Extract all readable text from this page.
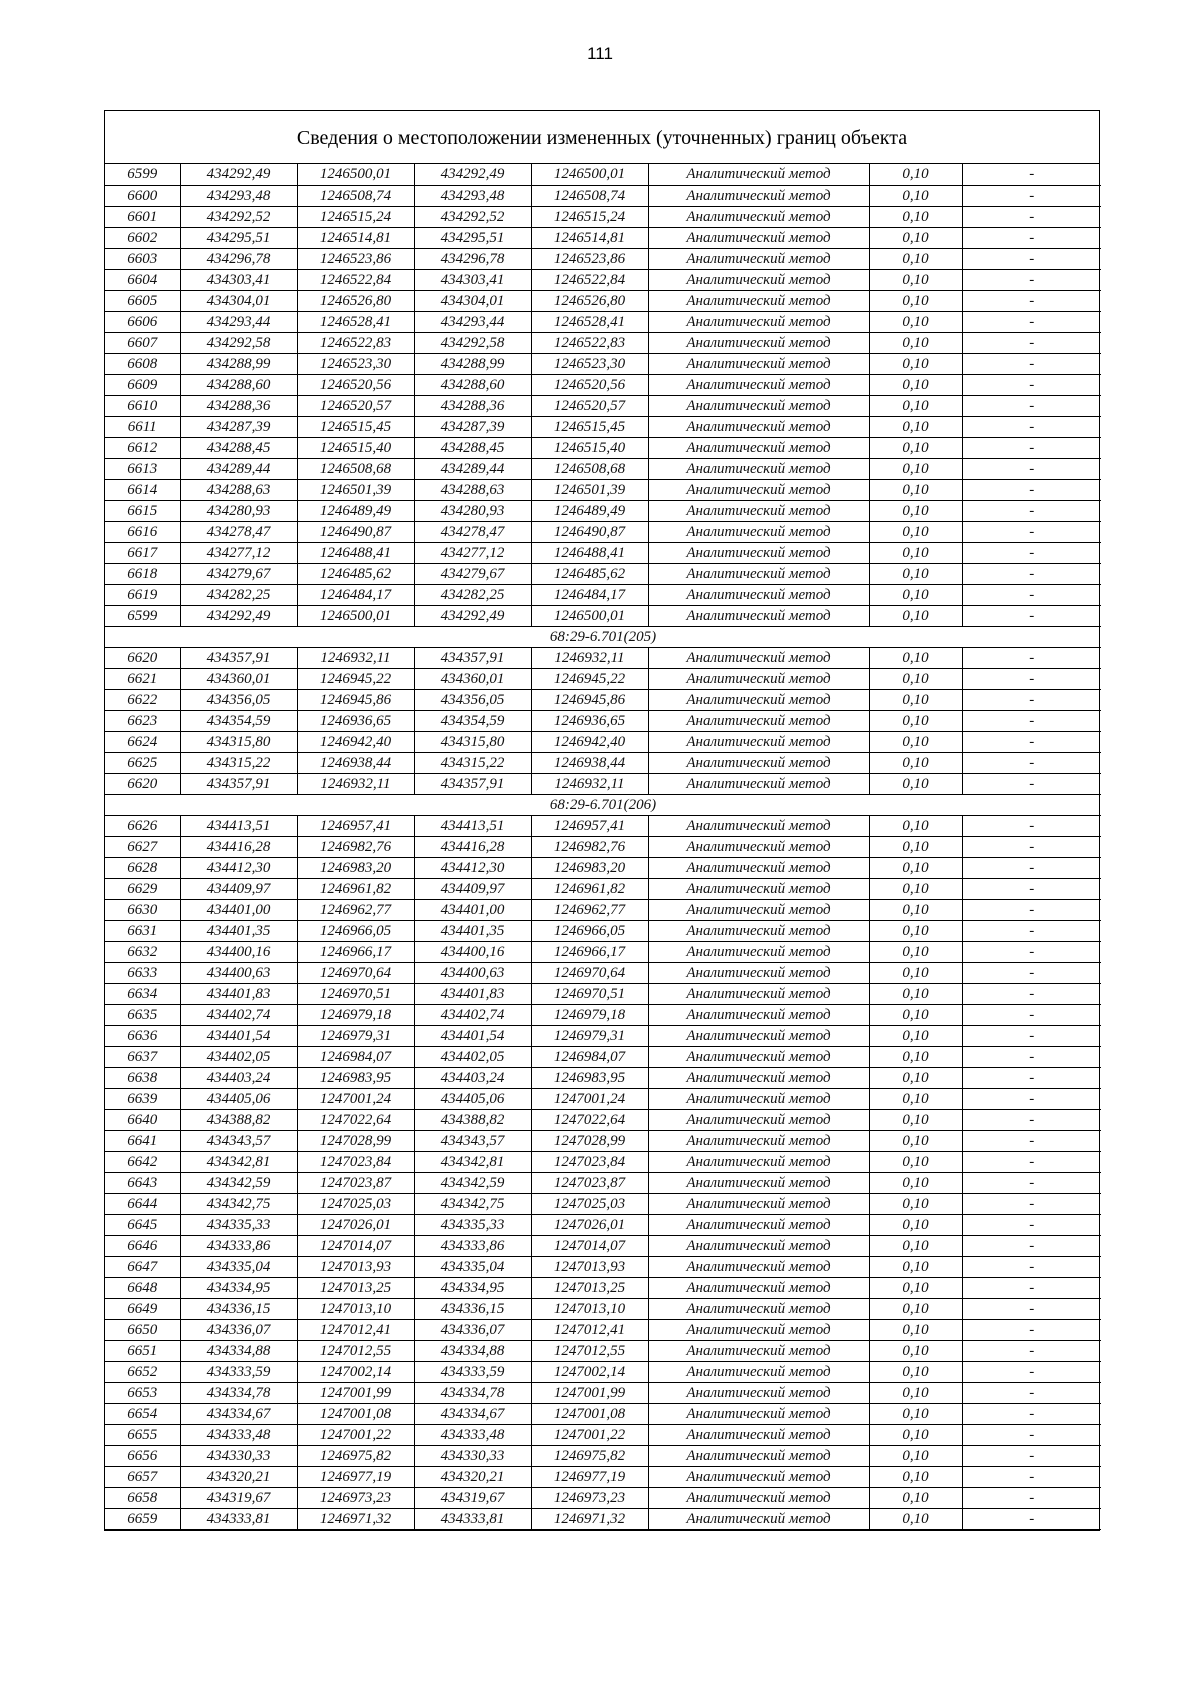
111
Сведения о местоположении измененных (уточненных) границ объекта
6599	434292,49	1246500,01	434292,49	1246500,01	Аналитический метод	0,10	-
6600	434293,48	1246508,74	434293,48	1246508,74	Аналитический метод	0,10	-
6601	434292,52	1246515,24	434292,52	1246515,24	Аналитический метод	0,10	-
6602	434295,51	1246514,81	434295,51	1246514,81	Аналитический метод	0,10	-
6603	434296,78	1246523,86	434296,78	1246523,86	Аналитический метод	0,10	-
6604	434303,41	1246522,84	434303,41	1246522,84	Аналитический метод	0,10	-
6605	434304,01	1246526,80	434304,01	1246526,80	Аналитический метод	0,10	-
6606	434293,44	1246528,41	434293,44	1246528,41	Аналитический метод	0,10	-
6607	434292,58	1246522,83	434292,58	1246522,83	Аналитический метод	0,10	-
6608	434288,99	1246523,30	434288,99	1246523,30	Аналитический метод	0,10	-
6609	434288,60	1246520,56	434288,60	1246520,56	Аналитический метод	0,10	-
6610	434288,36	1246520,57	434288,36	1246520,57	Аналитический метод	0,10	-
6611	434287,39	1246515,45	434287,39	1246515,45	Аналитический метод	0,10	-
6612	434288,45	1246515,40	434288,45	1246515,40	Аналитический метод	0,10	-
6613	434289,44	1246508,68	434289,44	1246508,68	Аналитический метод	0,10	-
6614	434288,63	1246501,39	434288,63	1246501,39	Аналитический метод	0,10	-
6615	434280,93	1246489,49	434280,93	1246489,49	Аналитический метод	0,10	-
6616	434278,47	1246490,87	434278,47	1246490,87	Аналитический метод	0,10	-
6617	434277,12	1246488,41	434277,12	1246488,41	Аналитический метод	0,10	-
6618	434279,67	1246485,62	434279,67	1246485,62	Аналитический метод	0,10	-
6619	434282,25	1246484,17	434282,25	1246484,17	Аналитический метод	0,10	-
6599	434292,49	1246500,01	434292,49	1246500,01	Аналитический метод	0,10	-
68:29-6.701(205)							
6620	434357,91	1246932,11	434357,91	1246932,11	Аналитический метод	0,10	-
6621	434360,01	1246945,22	434360,01	1246945,22	Аналитический метод	0,10	-
6622	434356,05	1246945,86	434356,05	1246945,86	Аналитический метод	0,10	-
6623	434354,59	1246936,65	434354,59	1246936,65	Аналитический метод	0,10	-
6624	434315,80	1246942,40	434315,80	1246942,40	Аналитический метод	0,10	-
6625	434315,22	1246938,44	434315,22	1246938,44	Аналитический метод	0,10	-
6620	434357,91	1246932,11	434357,91	1246932,11	Аналитический метод	0,10	-
68:29-6.701(206)							
6626	434413,51	1246957,41	434413,51	1246957,41	Аналитический метод	0,10	-
6627	434416,28	1246982,76	434416,28	1246982,76	Аналитический метод	0,10	-
6628	434412,30	1246983,20	434412,30	1246983,20	Аналитический метод	0,10	-
6629	434409,97	1246961,82	434409,97	1246961,82	Аналитический метод	0,10	-
6630	434401,00	1246962,77	434401,00	1246962,77	Аналитический метод	0,10	-
6631	434401,35	1246966,05	434401,35	1246966,05	Аналитический метод	0,10	-
6632	434400,16	1246966,17	434400,16	1246966,17	Аналитический метод	0,10	-
6633	434400,63	1246970,64	434400,63	1246970,64	Аналитический метод	0,10	-
6634	434401,83	1246970,51	434401,83	1246970,51	Аналитический метод	0,10	-
6635	434402,74	1246979,18	434402,74	1246979,18	Аналитический метод	0,10	-
6636	434401,54	1246979,31	434401,54	1246979,31	Аналитический метод	0,10	-
6637	434402,05	1246984,07	434402,05	1246984,07	Аналитический метод	0,10	-
6638	434403,24	1246983,95	434403,24	1246983,95	Аналитический метод	0,10	-
6639	434405,06	1247001,24	434405,06	1247001,24	Аналитический метод	0,10	-
6640	434388,82	1247022,64	434388,82	1247022,64	Аналитический метод	0,10	-
6641	434343,57	1247028,99	434343,57	1247028,99	Аналитический метод	0,10	-
6642	434342,81	1247023,84	434342,81	1247023,84	Аналитический метод	0,10	-
6643	434342,59	1247023,87	434342,59	1247023,87	Аналитический метод	0,10	-
6644	434342,75	1247025,03	434342,75	1247025,03	Аналитический метод	0,10	-
6645	434335,33	1247026,01	434335,33	1247026,01	Аналитический метод	0,10	-
6646	434333,86	1247014,07	434333,86	1247014,07	Аналитический метод	0,10	-
6647	434335,04	1247013,93	434335,04	1247013,93	Аналитический метод	0,10	-
6648	434334,95	1247013,25	434334,95	1247013,25	Аналитический метод	0,10	-
6649	434336,15	1247013,10	434336,15	1247013,10	Аналитический метод	0,10	-
6650	434336,07	1247012,41	434336,07	1247012,41	Аналитический метод	0,10	-
6651	434334,88	1247012,55	434334,88	1247012,55	Аналитический метод	0,10	-
6652	434333,59	1247002,14	434333,59	1247002,14	Аналитический метод	0,10	-
6653	434334,78	1247001,99	434334,78	1247001,99	Аналитический метод	0,10	-
6654	434334,67	1247001,08	434334,67	1247001,08	Аналитический метод	0,10	-
6655	434333,48	1247001,22	434333,48	1247001,22	Аналитический метод	0,10	-
6656	434330,33	1246975,82	434330,33	1246975,82	Аналитический метод	0,10	-
6657	434320,21	1246977,19	434320,21	1246977,19	Аналитический метод	0,10	-
6658	434319,67	1246973,23	434319,67	1246973,23	Аналитический метод	0,10	-
6659	434333,81	1246971,32	434333,81	1246971,32	Аналитический метод	0,10	-
